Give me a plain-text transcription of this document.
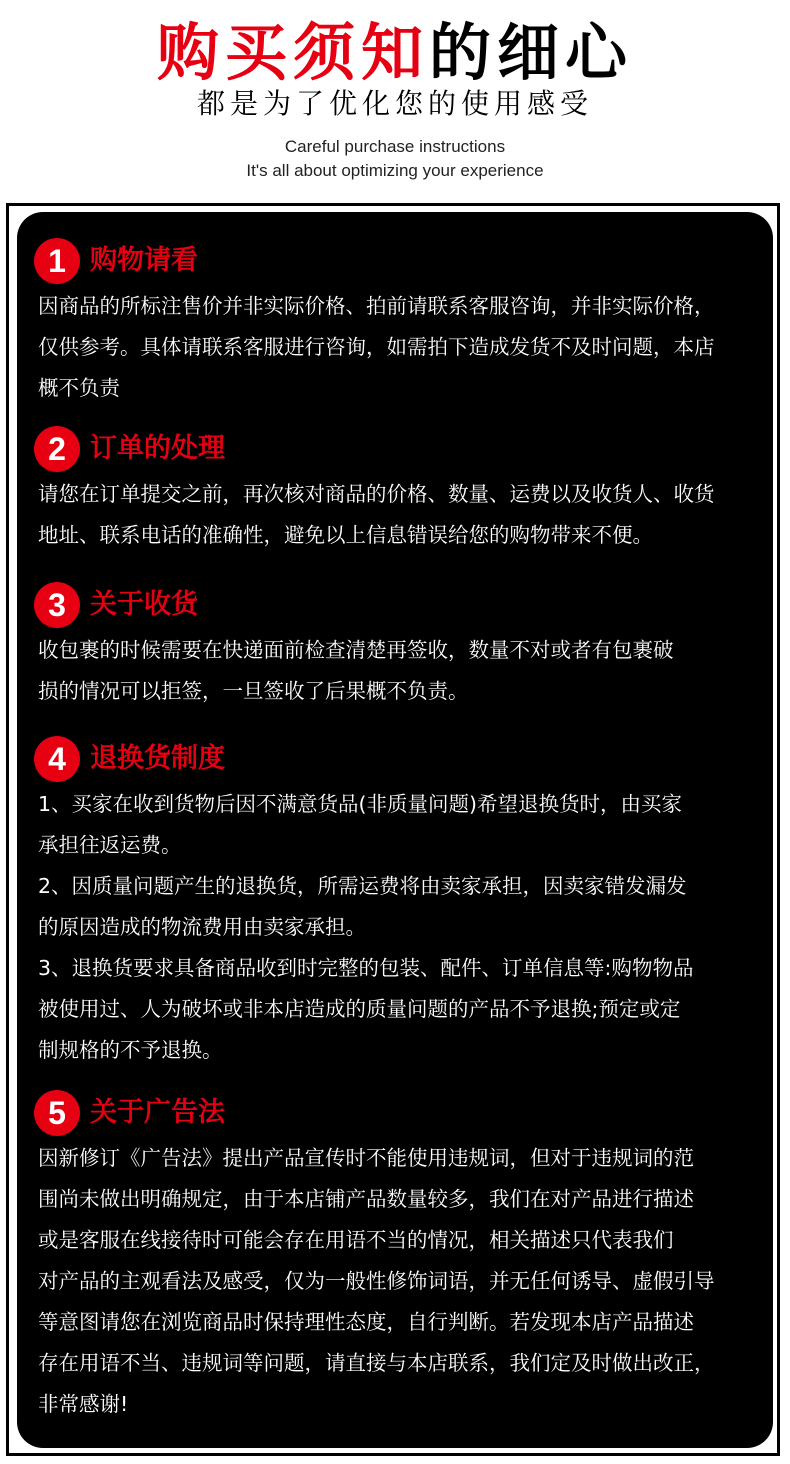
购买须知的细心
都是为了优化您的使用感受
Careful purchase instructions
It's all about optimizing your experience
1 购物请看
因商品的所标注售价并非实际价格、拍前请联系客服咨询，并非实际价格，
仅供参考。具体请联系客服进行咨询，如需拍下造成发货不及时问题，本店
概不负责
2 订单的处理
请您在订单提交之前，再次核对商品的价格、数量、运费以及收货人、收货
地址、联系电话的准确性，避免以上信息错误给您的购物带来不便。
3 关于收货
收包裹的时候需要在快递面前检查清楚再签收，数量不对或者有包裹破
损的情况可以拒签，一旦签收了后果概不负责。
4 退换货制度
1、买家在收到货物后因不满意货品(非质量问题)希望退换货时，由买家
承担往返运费。
2、因质量问题产生的退换货，所需运费将由卖家承担，因卖家错发漏发
的原因造成的物流费用由卖家承担。
3、退换货要求具备商品收到时完整的包装、配件、订单信息等:购物物品
被使用过、人为破坏或非本店造成的质量问题的产品不予退换;预定或定
制规格的不予退换。
5 关于广告法
因新修订《广告法》提出产品宣传时不能使用违规词，但对于违规词的范
围尚未做出明确规定，由于本店铺产品数量较多，我们在对产品进行描述
或是客服在线接待时可能会存在用语不当的情况，相关描述只代表我们
对产品的主观看法及感受，仅为一般性修饰词语，并无任何诱导、虚假引导
等意图请您在浏览商品时保持理性态度，自行判断。若发现本店产品描述
存在用语不当、违规词等问题，请直接与本店联系，我们定及时做出改正，
非常感谢!
